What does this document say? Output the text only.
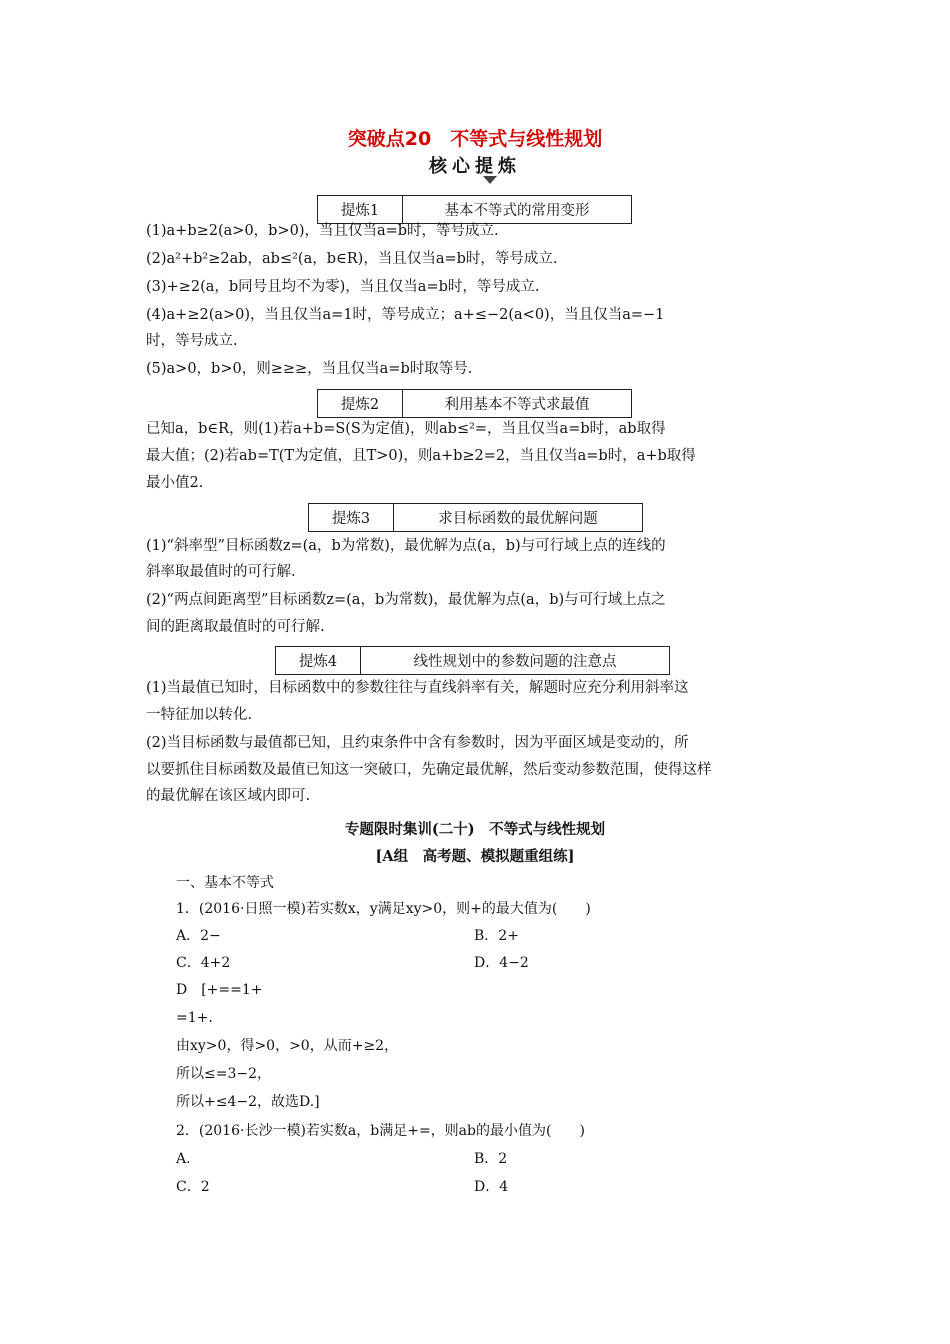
突破点20　不等式与线性规划
核心提炼
提炼1	基本不等式的常用变形
(1)a+b≥2(a>0，b>0)，当且仅当a=b时，等号成立.
(2)a²+b²≥2ab，ab≤²(a，b∈R)，当且仅当a=b时，等号成立.
(3)+≥2(a，b同号且均不为零)，当且仅当a=b时，等号成立.
(4)a+≥2(a>0)，当且仅当a=1时，等号成立；a+≤−2(a<0)，当且仅当a=−1
时，等号成立.
(5)a>0，b>0，则≥≥≥，当且仅当a=b时取等号.
提炼2	利用基本不等式求最值
已知a，b∈R，则(1)若a+b=S(S为定值)，则ab≤²=，当且仅当a=b时，ab取得
最大值；(2)若ab=T(T为定值，且T>0)，则a+b≥2=2，当且仅当a=b时，a+b取得
最小值2.
提炼3	求目标函数的最优解问题
(1)“斜率型”目标函数z=(a，b为常数)，最优解为点(a，b)与可行域上点的连线的
斜率取最值时的可行解.
(2)“两点间距离型”目标函数z=(a，b为常数)，最优解为点(a，b)与可行域上点之
间的距离取最值时的可行解.
提炼4	线性规划中的参数问题的注意点
(1)当最值已知时，目标函数中的参数往往与直线斜率有关，解题时应充分利用斜率这
一特征加以转化.
(2)当目标函数与最值都已知，且约束条件中含有参数时，因为平面区域是变动的，所
以要抓住目标函数及最值已知这一突破口，先确定最优解，然后变动参数范围，使得这样
的最优解在该区域内即可.
专题限时集训(二十)　不等式与线性规划
[A组　高考题、模拟题重组练]
一、基本不等式
1．(2016·日照一模)若实数x，y满足xy>0，则+的最大值为(　　)
A．2−	B．2+
C．4+2	D．4−2
D　[+==1+
=1+.
由xy>0，得>0，>0，从而+≥2，
所以≤=3−2，
所以+≤4−2，故选D.]
2．(2016·长沙一模)若实数a，b满足+=，则ab的最小值为(　　)
A.	B．2
C．2	D．4
